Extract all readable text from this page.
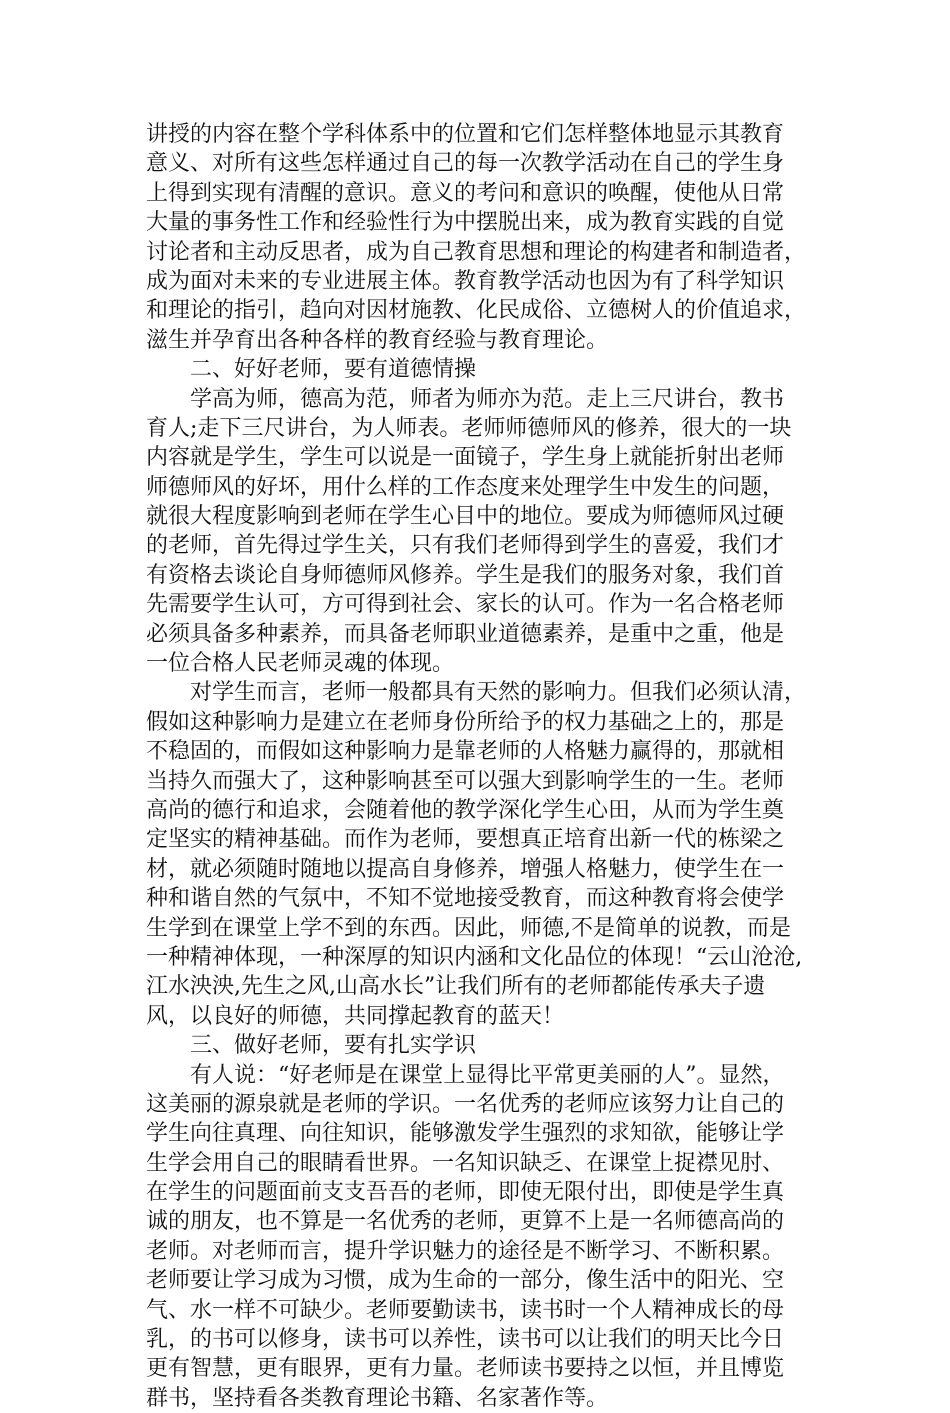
讲授的内容在整个学科体系中的位置和它们怎样整体地显示其教育
意义、对所有这些怎样通过自己的每一次教学活动在自己的学生身
上得到实现有清醒的意识。意义的考问和意识的唤醒，使他从日常
大量的事务性工作和经验性行为中摆脱出来，成为教育实践的自觉
讨论者和主动反思者，成为自己教育思想和理论的构建者和制造者，
成为面对未来的专业进展主体。教育教学活动也因为有了科学知识
和理论的指引，趋向对因材施教、化民成俗、立德树人的价值追求，
滋生并孕育出各种各样的教育经验与教育理论。
二、好好老师，要有道德情操
学高为师，德高为范，师者为师亦为范。走上三尺讲台，教书
育人;走下三尺讲台，为人师表。老师师德师风的修养，很大的一块
内容就是学生，学生可以说是一面镜子，学生身上就能折射出老师
师德师风的好坏，用什么样的工作态度来处理学生中发生的问题，
就很大程度影响到老师在学生心目中的地位。要成为师德师风过硬
的老师，首先得过学生关，只有我们老师得到学生的喜爱，我们才
有资格去谈论自身师德师风修养。学生是我们的服务对象，我们首
先需要学生认可，方可得到社会、家长的认可。作为一名合格老师
必须具备多种素养，而具备老师职业道德素养，是重中之重，他是
一位合格人民老师灵魂的体现。
对学生而言，老师一般都具有天然的影响力。但我们必须认清，
假如这种影响力是建立在老师身份所给予的权力基础之上的，那是
不稳固的，而假如这种影响力是靠老师的人格魅力赢得的，那就相
当持久而强大了，这种影响甚至可以强大到影响学生的一生。老师
高尚的德行和追求，会随着他的教学深化学生心田，从而为学生奠
定坚实的精神基础。而作为老师，要想真正培育出新一代的栋梁之
材，就必须随时随地以提高自身修养，增强人格魅力，使学生在一
种和谐自然的气氛中，不知不觉地接受教育，而这种教育将会使学
生学到在课堂上学不到的东西。因此，师德,不是简单的说教，而是
一种精神体现，一种深厚的知识内涵和文化品位的体现！“云山沧沧,
江水泱泱,先生之风,山高水长”让我们所有的老师都能传承夫子遗
风，以良好的师德，共同撑起教育的蓝天！
三、做好老师，要有扎实学识
有人说：“好老师是在课堂上显得比平常更美丽的人”。显然，
这美丽的源泉就是老师的学识。一名优秀的老师应该努力让自己的
学生向往真理、向往知识，能够激发学生强烈的求知欲，能够让学
生学会用自己的眼睛看世界。一名知识缺乏、在课堂上捉襟见肘、
在学生的问题面前支支吾吾的老师，即使无限付出，即使是学生真
诚的朋友，也不算是一名优秀的老师，更算不上是一名师德高尚的
老师。对老师而言，提升学识魅力的途径是不断学习、不断积累。
老师要让学习成为习惯，成为生命的一部分，像生活中的阳光、空
气、水一样不可缺少。老师要勤读书，读书时一个人精神成长的母
乳，的书可以修身，读书可以养性，读书可以让我们的明天比今日
更有智慧，更有眼界，更有力量。老师读书要持之以恒，并且博览
群书，坚持看各类教育理论书籍、名家著作等。
